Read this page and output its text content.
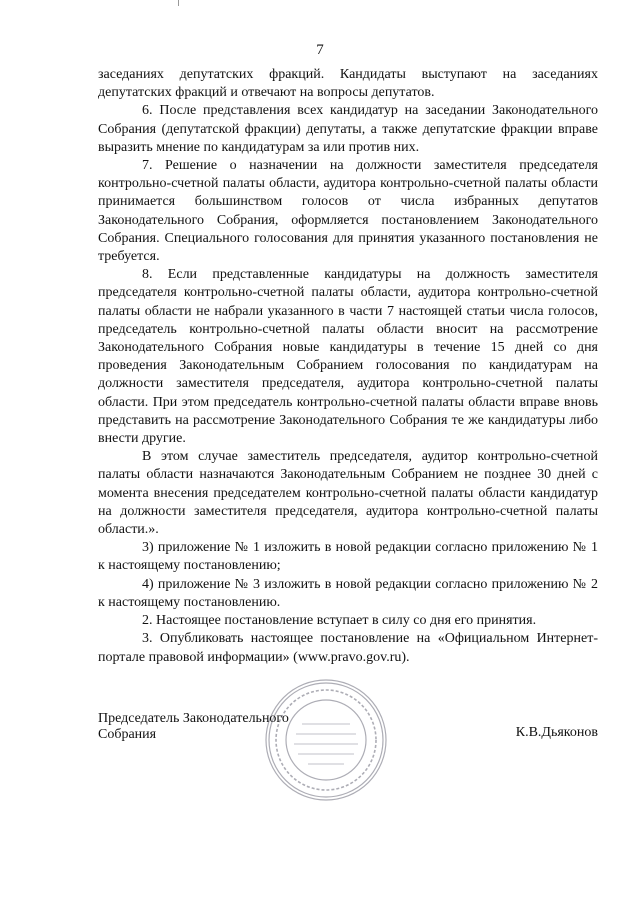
7

заседаниях депутатских фракций. Кандидаты выступают на заседаниях депутатских фракций и отвечают на вопросы депутатов.

6. После представления всех кандидатур на заседании Законодательного Собрания (депутатской фракции) депутаты, а также депутатские фракции вправе выразить мнение по кандидатурам за или против них.

7. Решение о назначении на должности заместителя председателя контрольно-счетной палаты области, аудитора контрольно-счетной палаты области принимается большинством голосов от числа избранных депутатов Законодательного Собрания, оформляется постановлением Законодательного Собрания. Специального голосования для принятия указанного постановления не требуется.

8. Если представленные кандидатуры на должность заместителя председателя контрольно-счетной палаты области, аудитора контрольно-счетной палаты области не набрали указанного в части 7 настоящей статьи числа голосов, председатель контрольно-счетной палаты области вносит на рассмотрение Законодательного Собрания новые кандидатуры в течение 15 дней со дня проведения Законодательным Собранием голосования по кандидатурам на должности заместителя председателя, аудитора контрольно-счетной палаты области. При этом председатель контрольно-счетной палаты области вправе вновь представить на рассмотрение Законодательного Собрания те же кандидатуры либо внести другие.

В этом случае заместитель председателя, аудитор контрольно-счетной палаты области назначаются Законодательным Собранием не позднее 30 дней с момента внесения председателем контрольно-счетной палаты области кандидатур на должности заместителя председателя, аудитора контрольно-счетной палаты области.».

3) приложение № 1 изложить в новой редакции согласно приложению № 1 к настоящему постановлению;

4) приложение № 3 изложить в новой редакции согласно приложению № 2 к настоящему постановлению.

2. Настоящее постановление вступает в силу со дня его принятия.

3. Опубликовать настоящее постановление на «Официальном Интернет-портале правовой информации» (www.pravo.gov.ru).

Председатель Законодательного
Собрания	К.В.Дьяконов
